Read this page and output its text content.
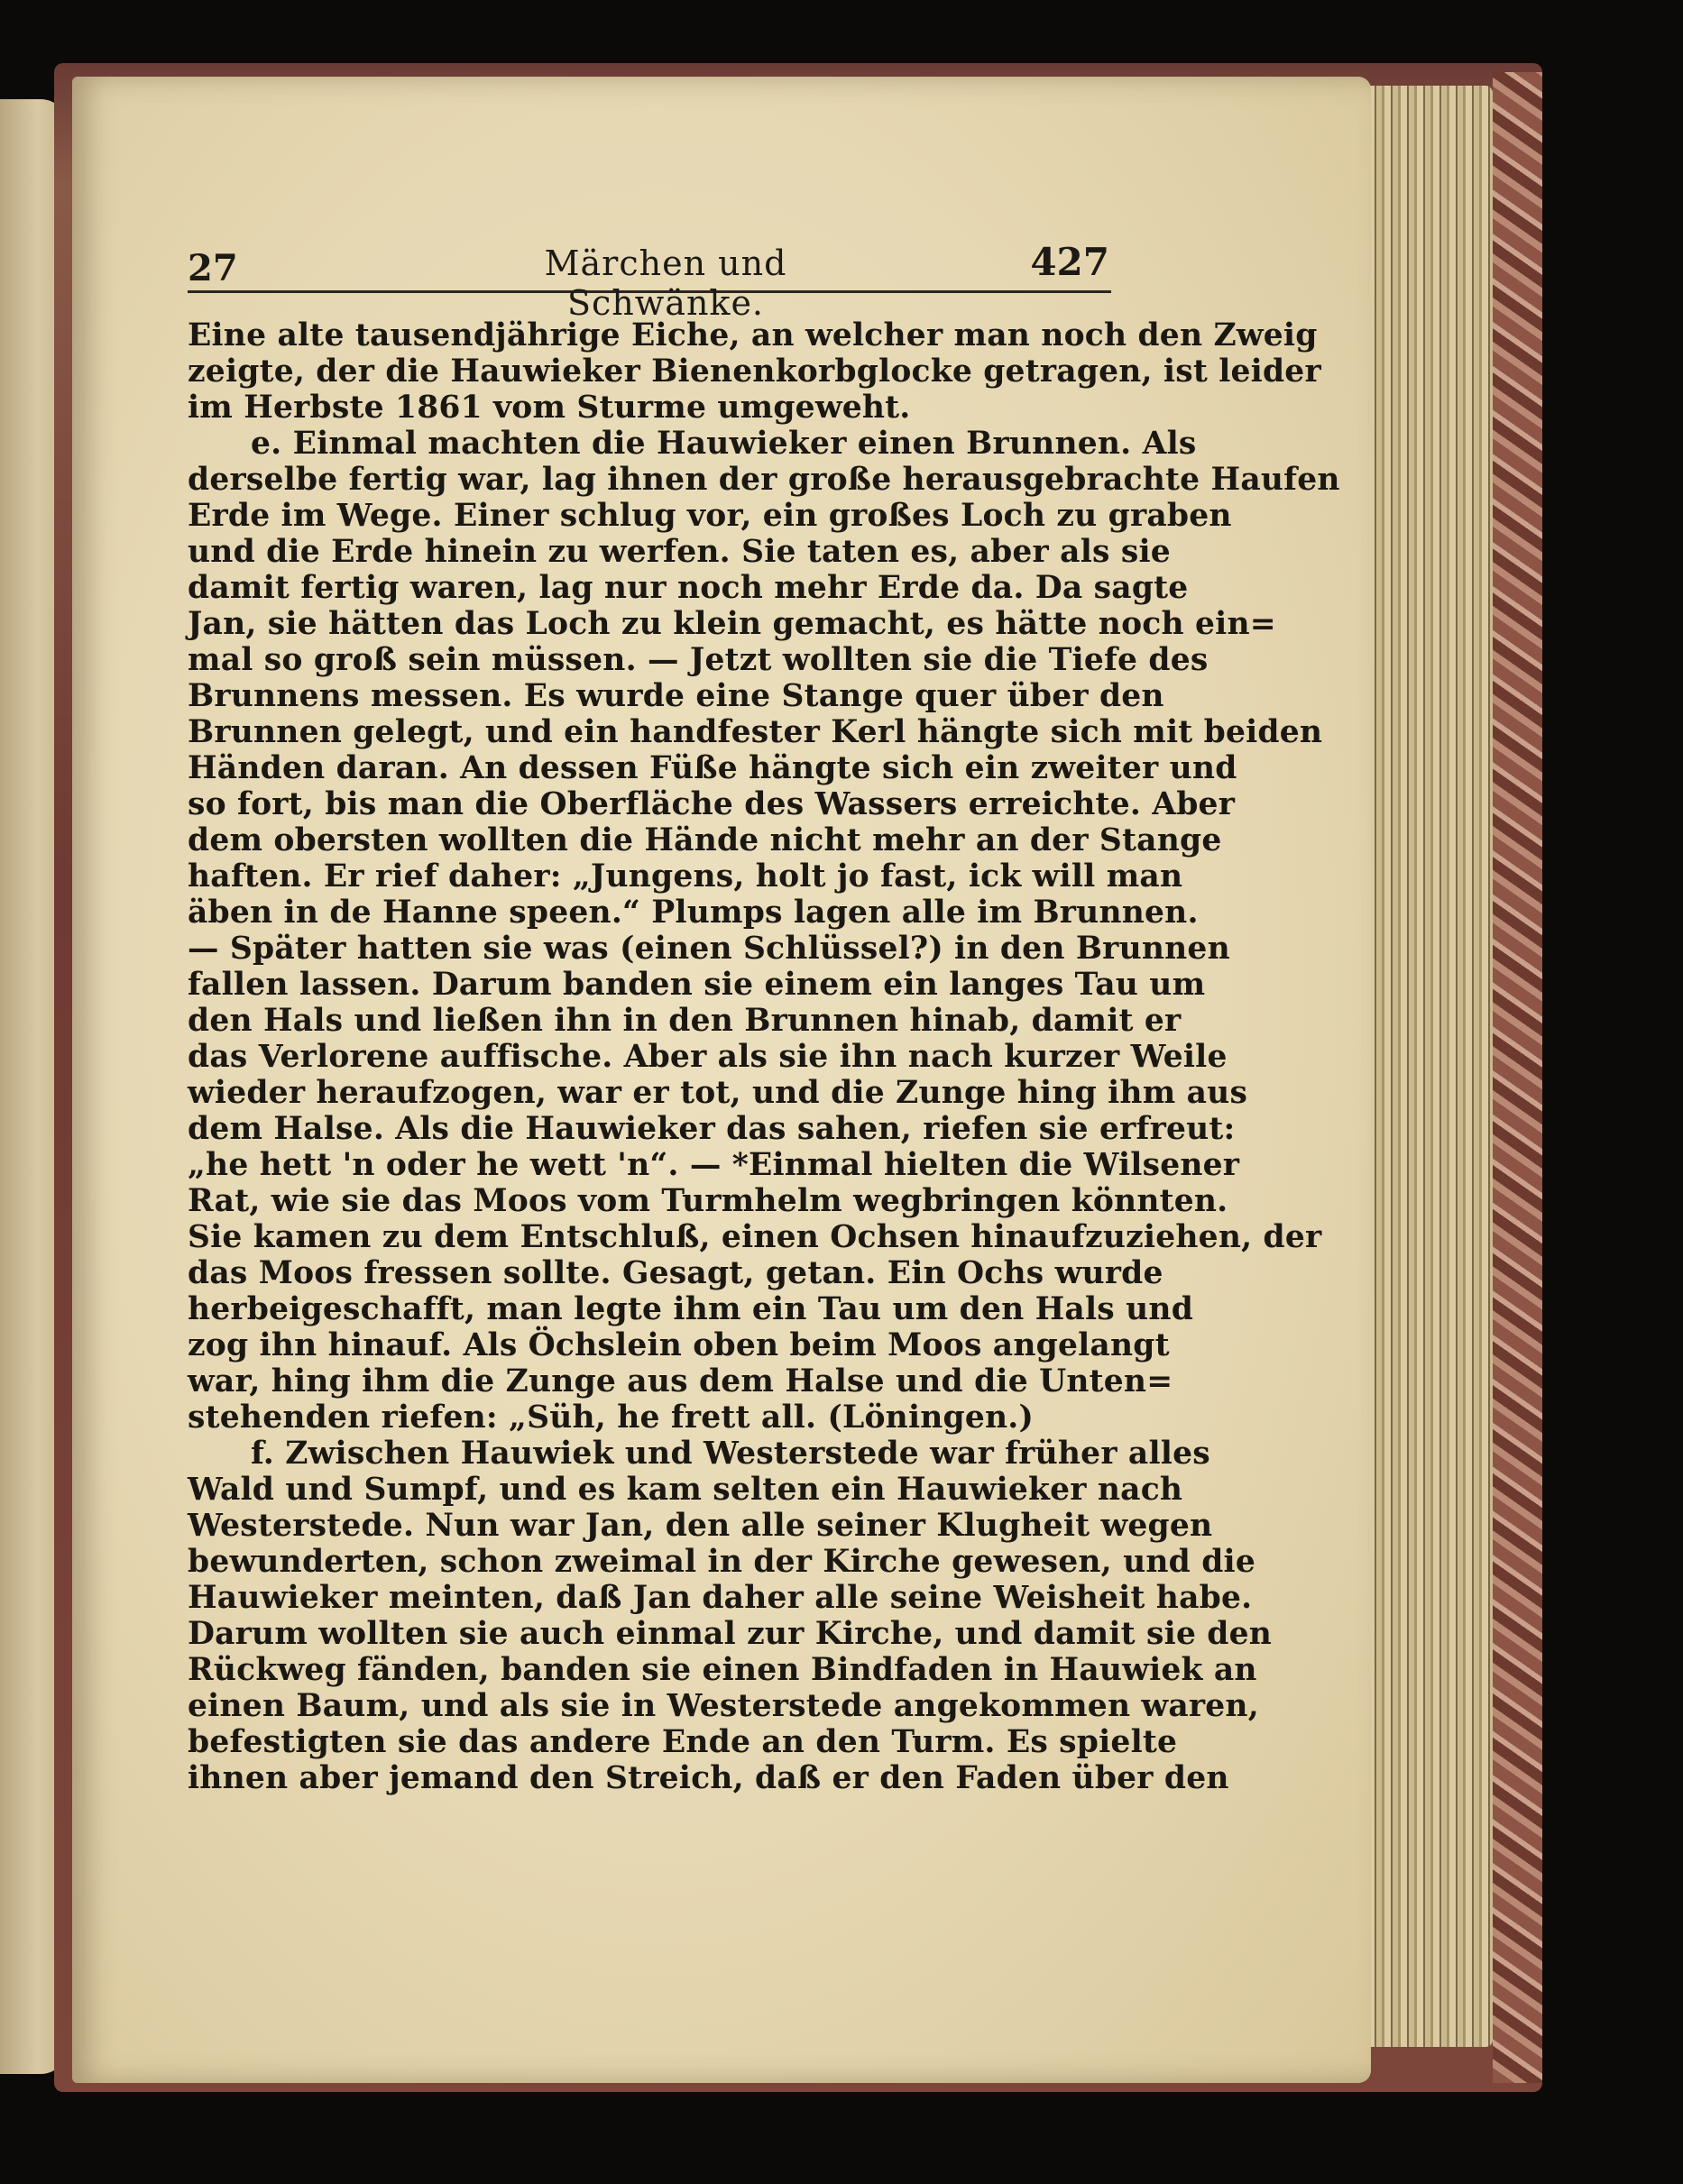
27	Märchen und Schwänke.
427
Eine alte tausendjährige Eiche, an welcher man noch den Zweig
zeigte, der die Hauwieker Bienenkorbglocke getragen, ist leider
im Herbste 1861 vom Sturme umgeweht.
e. Einmal machten die Hauwieker einen Brunnen. Als
derselbe fertig war, lag ihnen der große herausgebrachte Haufen
Erde im Wege. Einer schlug vor, ein großes Loch zu graben
und die Erde hinein zu werfen. Sie taten es, aber als sie
damit fertig waren, lag nur noch mehr Erde da. Da sagte
Jan, sie hätten das Loch zu klein gemacht, es hätte noch ein=
mal so groß sein müssen. — Jetzt wollten sie die Tiefe des
Brunnens messen. Es wurde eine Stange quer über den
Brunnen gelegt, und ein handfester Kerl hängte sich mit beiden
Händen daran. An dessen Füße hängte sich ein zweiter und
so fort, bis man die Oberfläche des Wassers erreichte. Aber
dem obersten wollten die Hände nicht mehr an der Stange
haften. Er rief daher: „Jungens, holt jo fast, ick will man
äben in de Hanne speen.“ Plumps lagen alle im Brunnen.
— Später hatten sie was (einen Schlüssel?) in den Brunnen
fallen lassen. Darum banden sie einem ein langes Tau um
den Hals und ließen ihn in den Brunnen hinab, damit er
das Verlorene auffische. Aber als sie ihn nach kurzer Weile
wieder heraufzogen, war er tot, und die Zunge hing ihm aus
dem Halse. Als die Hauwieker das sahen, riefen sie erfreut:
„he hett 'n oder he wett 'n“. — *Einmal hielten die Wilsener
Rat, wie sie das Moos vom Turmhelm wegbringen könnten.
Sie kamen zu dem Entschluß, einen Ochsen hinaufzuziehen, der
das Moos fressen sollte. Gesagt, getan. Ein Ochs wurde
herbeigeschafft, man legte ihm ein Tau um den Hals und
zog ihn hinauf. Als Öchslein oben beim Moos angelangt
war, hing ihm die Zunge aus dem Halse und die Unten=
stehenden riefen: „Süh, he frett all. (Löningen.)
f. Zwischen Hauwiek und Westerstede war früher alles
Wald und Sumpf, und es kam selten ein Hauwieker nach
Westerstede. Nun war Jan, den alle seiner Klugheit wegen
bewunderten, schon zweimal in der Kirche gewesen, und die
Hauwieker meinten, daß Jan daher alle seine Weisheit habe.
Darum wollten sie auch einmal zur Kirche, und damit sie den
Rückweg fänden, banden sie einen Bindfaden in Hauwiek an
einen Baum, und als sie in Westerstede angekommen waren,
befestigten sie das andere Ende an den Turm. Es spielte
ihnen aber jemand den Streich, daß er den Faden über den
